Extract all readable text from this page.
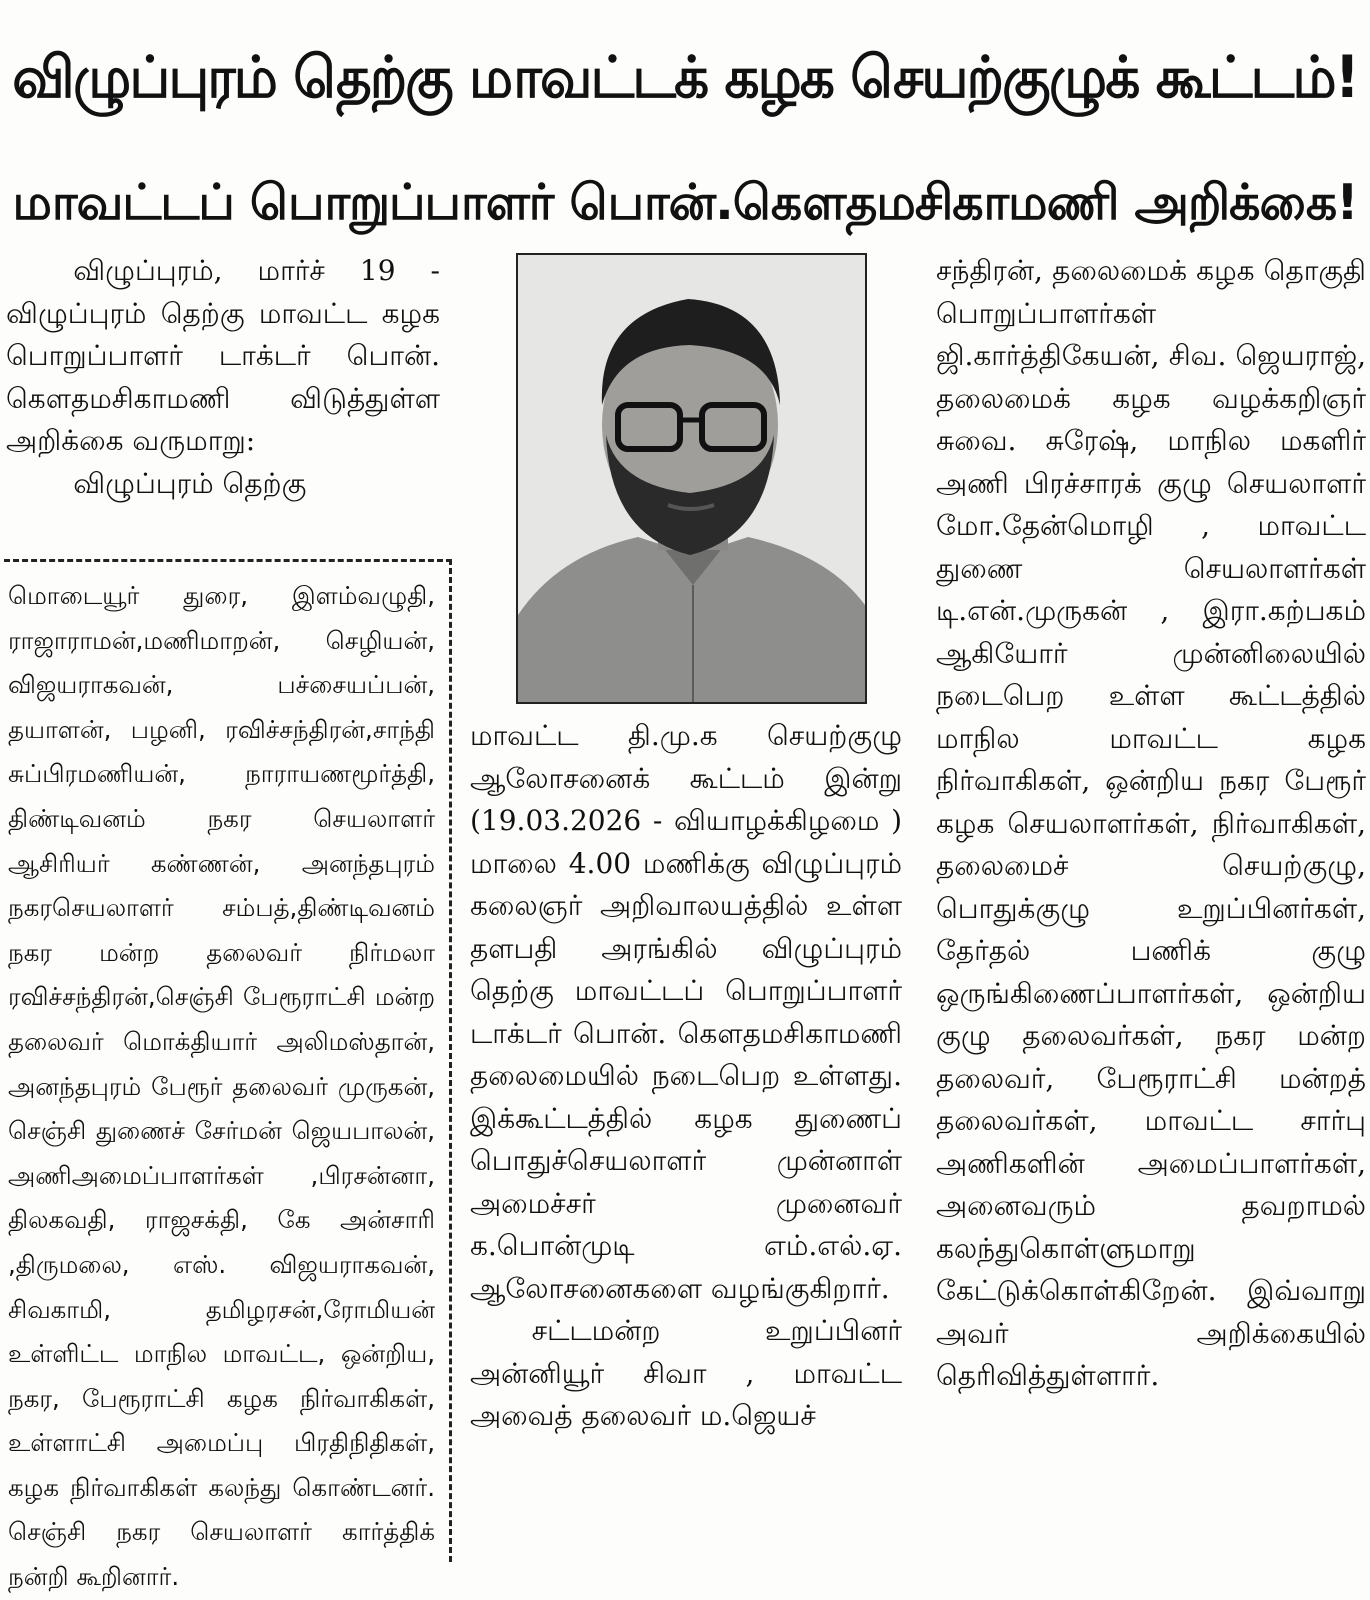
விழுப்புரம் தெற்கு மாவட்டக் கழக செயற்குழுக் கூட்டம்!
மாவட்டப் பொறுப்பாளர் பொன்.கௌதமசிகாமணி அறிக்கை!

விழுப்புரம், மார்ச் 19 - விழுப்புரம் தெற்கு மாவட்ட கழக பொறுப்பாளர் டாக்டர் பொன். கௌதமசிகாமணி விடுத்துள்ள அறிக்கை வருமாறு:

விழுப்புரம் தெற்கு

மொடையூர் துரை, இளம்வழுதி, ராஜாராமன்,மணிமாறன், செழியன், விஜயராகவன், பச்சையப்பன், தயாளன், பழனி, ரவிச்சந்திரன்,சாந்தி சுப்பிரமணியன், நாராயணமூர்த்தி, திண்டிவனம் நகர செயலாளர் ஆசிரியர் கண்ணன், அனந்தபுரம் நகரசெயலாளர் சம்பத்,திண்டிவனம் நகர மன்ற தலைவர் நிர்மலா ரவிச்சந்திரன்,செஞ்சி பேரூராட்சி மன்ற தலைவர் மொக்தியார் அலிமஸ்தான், அனந்தபுரம் பேரூர் தலைவர் முருகன், செஞ்சி துணைச் சேர்மன் ஜெயபாலன், அணிஅமைப்பாளர்கள் ,பிரசன்னா, திலகவதி, ராஜசக்தி, கே அன்சாரி ,திருமலை, எஸ். விஜயராகவன், சிவகாமி, தமிழரசன்,ரோமியன் உள்ளிட்ட மாநில மாவட்ட, ஒன்றிய, நகர, பேரூராட்சி கழக நிர்வாகிகள், உள்ளாட்சி அமைப்பு பிரதிநிதிகள், கழக நிர்வாகிகள் கலந்து கொண்டனர். செஞ்சி நகர செயலாளர் கார்த்திக் நன்றி கூறினார்.

மாவட்ட தி.மு.க செயற்குழு ஆலோசனைக் கூட்டம் இன்று (19.03.2026 - வியாழக்கிழமை ) மாலை 4.00 மணிக்கு விழுப்புரம் கலைஞர் அறிவாலயத்தில் உள்ள தளபதி அரங்கில் விழுப்புரம் தெற்கு மாவட்டப் பொறுப்பாளர் டாக்டர் பொன். கௌதமசிகாமணி தலைமையில் நடைபெற உள்ளது. இக்கூட்டத்தில் கழக துணைப் பொதுச்செயலாளர் முன்னாள் அமைச்சர் முனைவர் க.பொன்முடி எம்.எல்.ஏ. ஆலோசனைகளை வழங்குகிறார்.

சட்டமன்ற உறுப்பினர் அன்னியூர் சிவா , மாவட்ட அவைத் தலைவர் ம.ஜெயச்

சந்திரன், தலைமைக் கழக தொகுதி பொறுப்பாளர்கள் ஜி.கார்த்திகேயன், சிவ. ஜெயராஜ், தலைமைக் கழக வழக்கறிஞர் சுவை. சுரேஷ், மாநில மகளிர் அணி பிரச்சாரக் குழு செயலாளர் மோ.தேன்மொழி , மாவட்ட துணை செயலாளர்கள் டி.என்.முருகன் , இரா.கற்பகம் ஆகியோர் முன்னிலையில் நடைபெற உள்ள கூட்டத்தில் மாநில மாவட்ட கழக நிர்வாகிகள், ஒன்றிய நகர பேரூர் கழக செயலாளர்கள், நிர்வாகிகள், தலைமைச் செயற்குழு, பொதுக்குழு உறுப்பினர்கள், தேர்தல் பணிக் குழு ஒருங்கிணைப்பாளர்கள், ஒன்றிய குழு தலைவர்கள், நகர மன்ற தலைவர், பேரூராட்சி மன்றத் தலைவர்கள், மாவட்ட சார்பு அணிகளின் அமைப்பாளர்கள், அனைவரும் தவறாமல் கலந்துகொள்ளுமாறு கேட்டுக்கொள்கிறேன். இவ்வாறு அவர் அறிக்கையில் தெரிவித்துள்ளார்.
